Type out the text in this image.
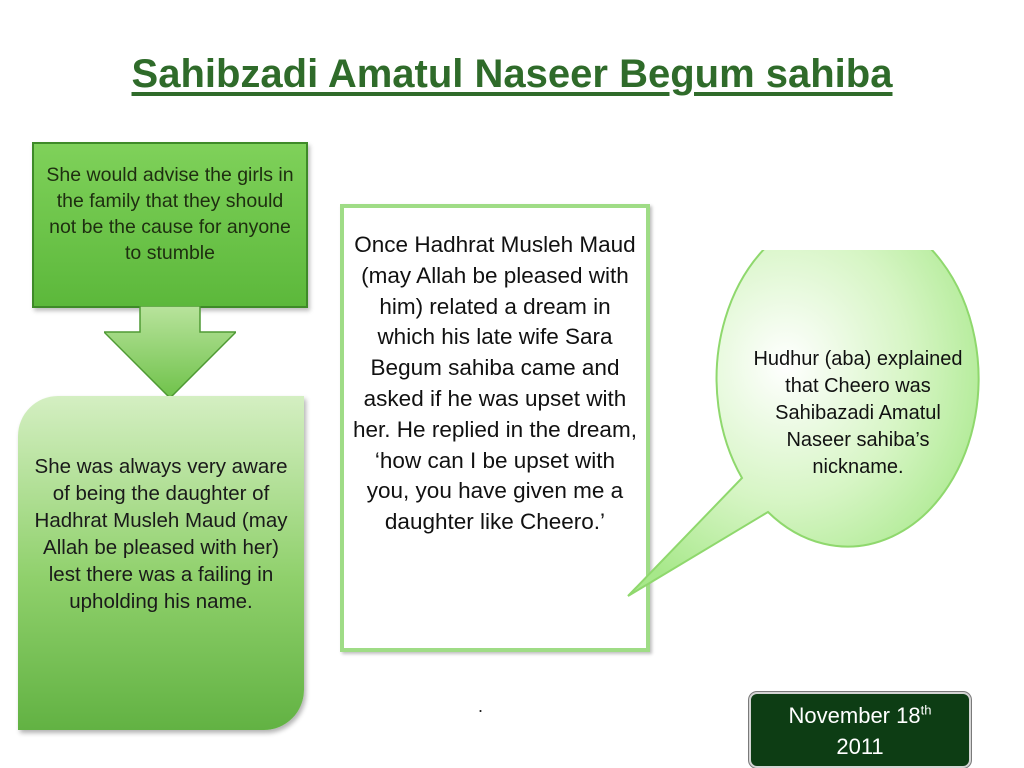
Sahibzadi Amatul Naseer Begum sahiba
She would advise the girls in the family that they should not be the cause for anyone to stumble
She was always very aware of being the daughter of Hadhrat Musleh Maud (may Allah be pleased with her) lest there was a failing in upholding his name.
Once Hadhrat Musleh Maud (may Allah be pleased with him) related a dream in which his late wife Sara Begum sahiba came and asked if he was upset with her. He replied in the dream, ‘how can I be upset with you, you have given me a daughter like Cheero.’
Hudhur (aba) explained that Cheero was Sahibazadi Amatul Naseer sahiba’s nickname.
.	November 18th
2011
